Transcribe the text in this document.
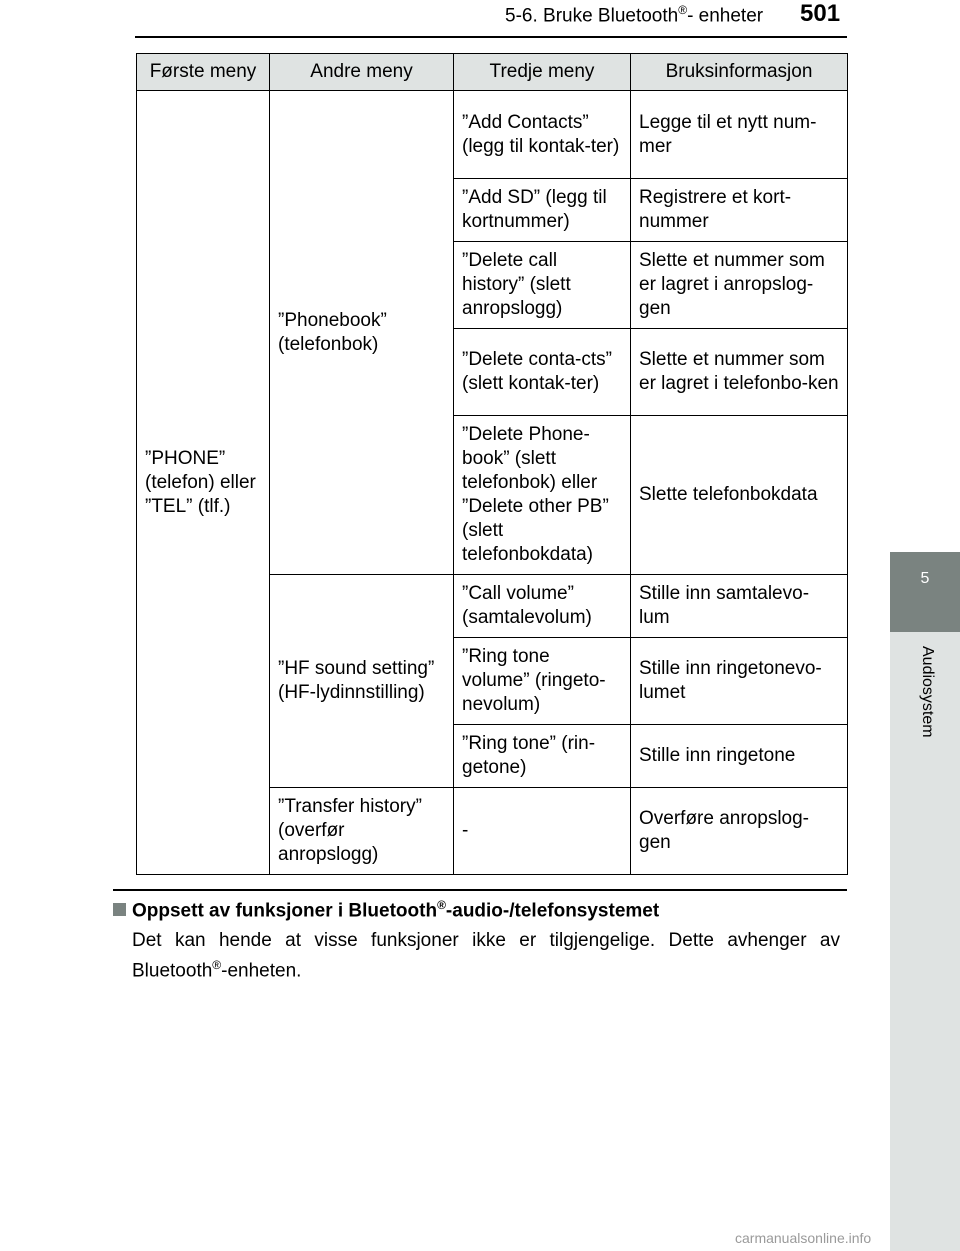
5-6. Bruke Bluetooth®- enheter 501
5
Audiosystem
Første meny	Andre meny	Tredje meny	Bruksinformasjon
”PHONE” (telefon) eller ”TEL” (tlf.)	”Phonebook” (telefonbok)	”Add Contacts” (legg til kontak-ter)	Legge til et nytt num-mer
		”Add SD” (legg til kortnummer)	Registrere et kort-nummer
		”Delete call history” (slett anropslogg)	Slette et nummer som er lagret i anropslog-gen
		”Delete conta-cts” (slett kontak-ter)	Slette et nummer som er lagret i telefonbo-ken
		”Delete Phone-book” (slett telefonbok) eller ”Delete other PB” (slett telefonbokdata)	Slette telefonbokdata
	”HF sound setting” (HF-lydinnstilling)	”Call volume” (samtalevolum)	Stille inn samtalevo-lum
		”Ring tone volume” (ringeto-nevolum)	Stille inn ringetonevo-lumet
		”Ring tone” (rin-getone)	Stille inn ringetone
	”Transfer history” (overfør anropslogg)	-	Overføre anropslog-gen
Oppsett av funksjoner i Bluetooth®-audio-/telefonsystemet
Det kan hende at visse funksjoner ikke er tilgjengelige. Dette avhenger av Bluetooth®-enheten.
carmanualsonline.info
